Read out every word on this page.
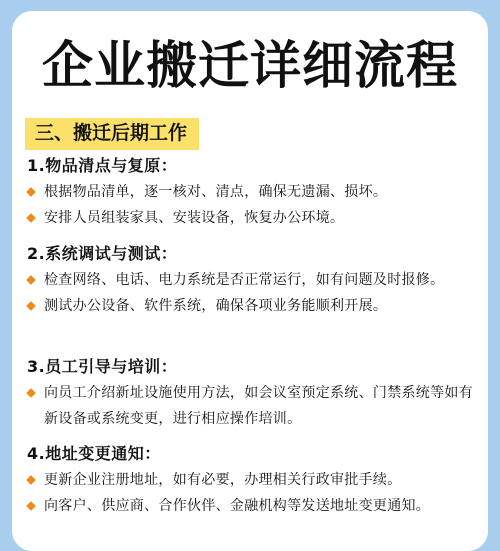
企业搬迁详细流程
三、搬迁后期工作
1.物品清点与复原：
根据物品清单，逐一核对、清点，确保无遗漏、损坏。
安排人员组装家具、安装设备，恢复办公环境。
2.系统调试与测试：
检查网络、电话、电力系统是否正常运行，如有问题及时报修。
测试办公设备、软件系统，确保各项业务能顺利开展。
3.员工引导与培训：
向员工介绍新址设施使用方法，如会议室预定系统、门禁系统等如有新设备或系统变更，进行相应操作培训。
4.地址变更通知：
更新企业注册地址，如有必要，办理相关行政审批手续。
向客户、供应商、合作伙伴、金融机构等发送地址变更通知。
